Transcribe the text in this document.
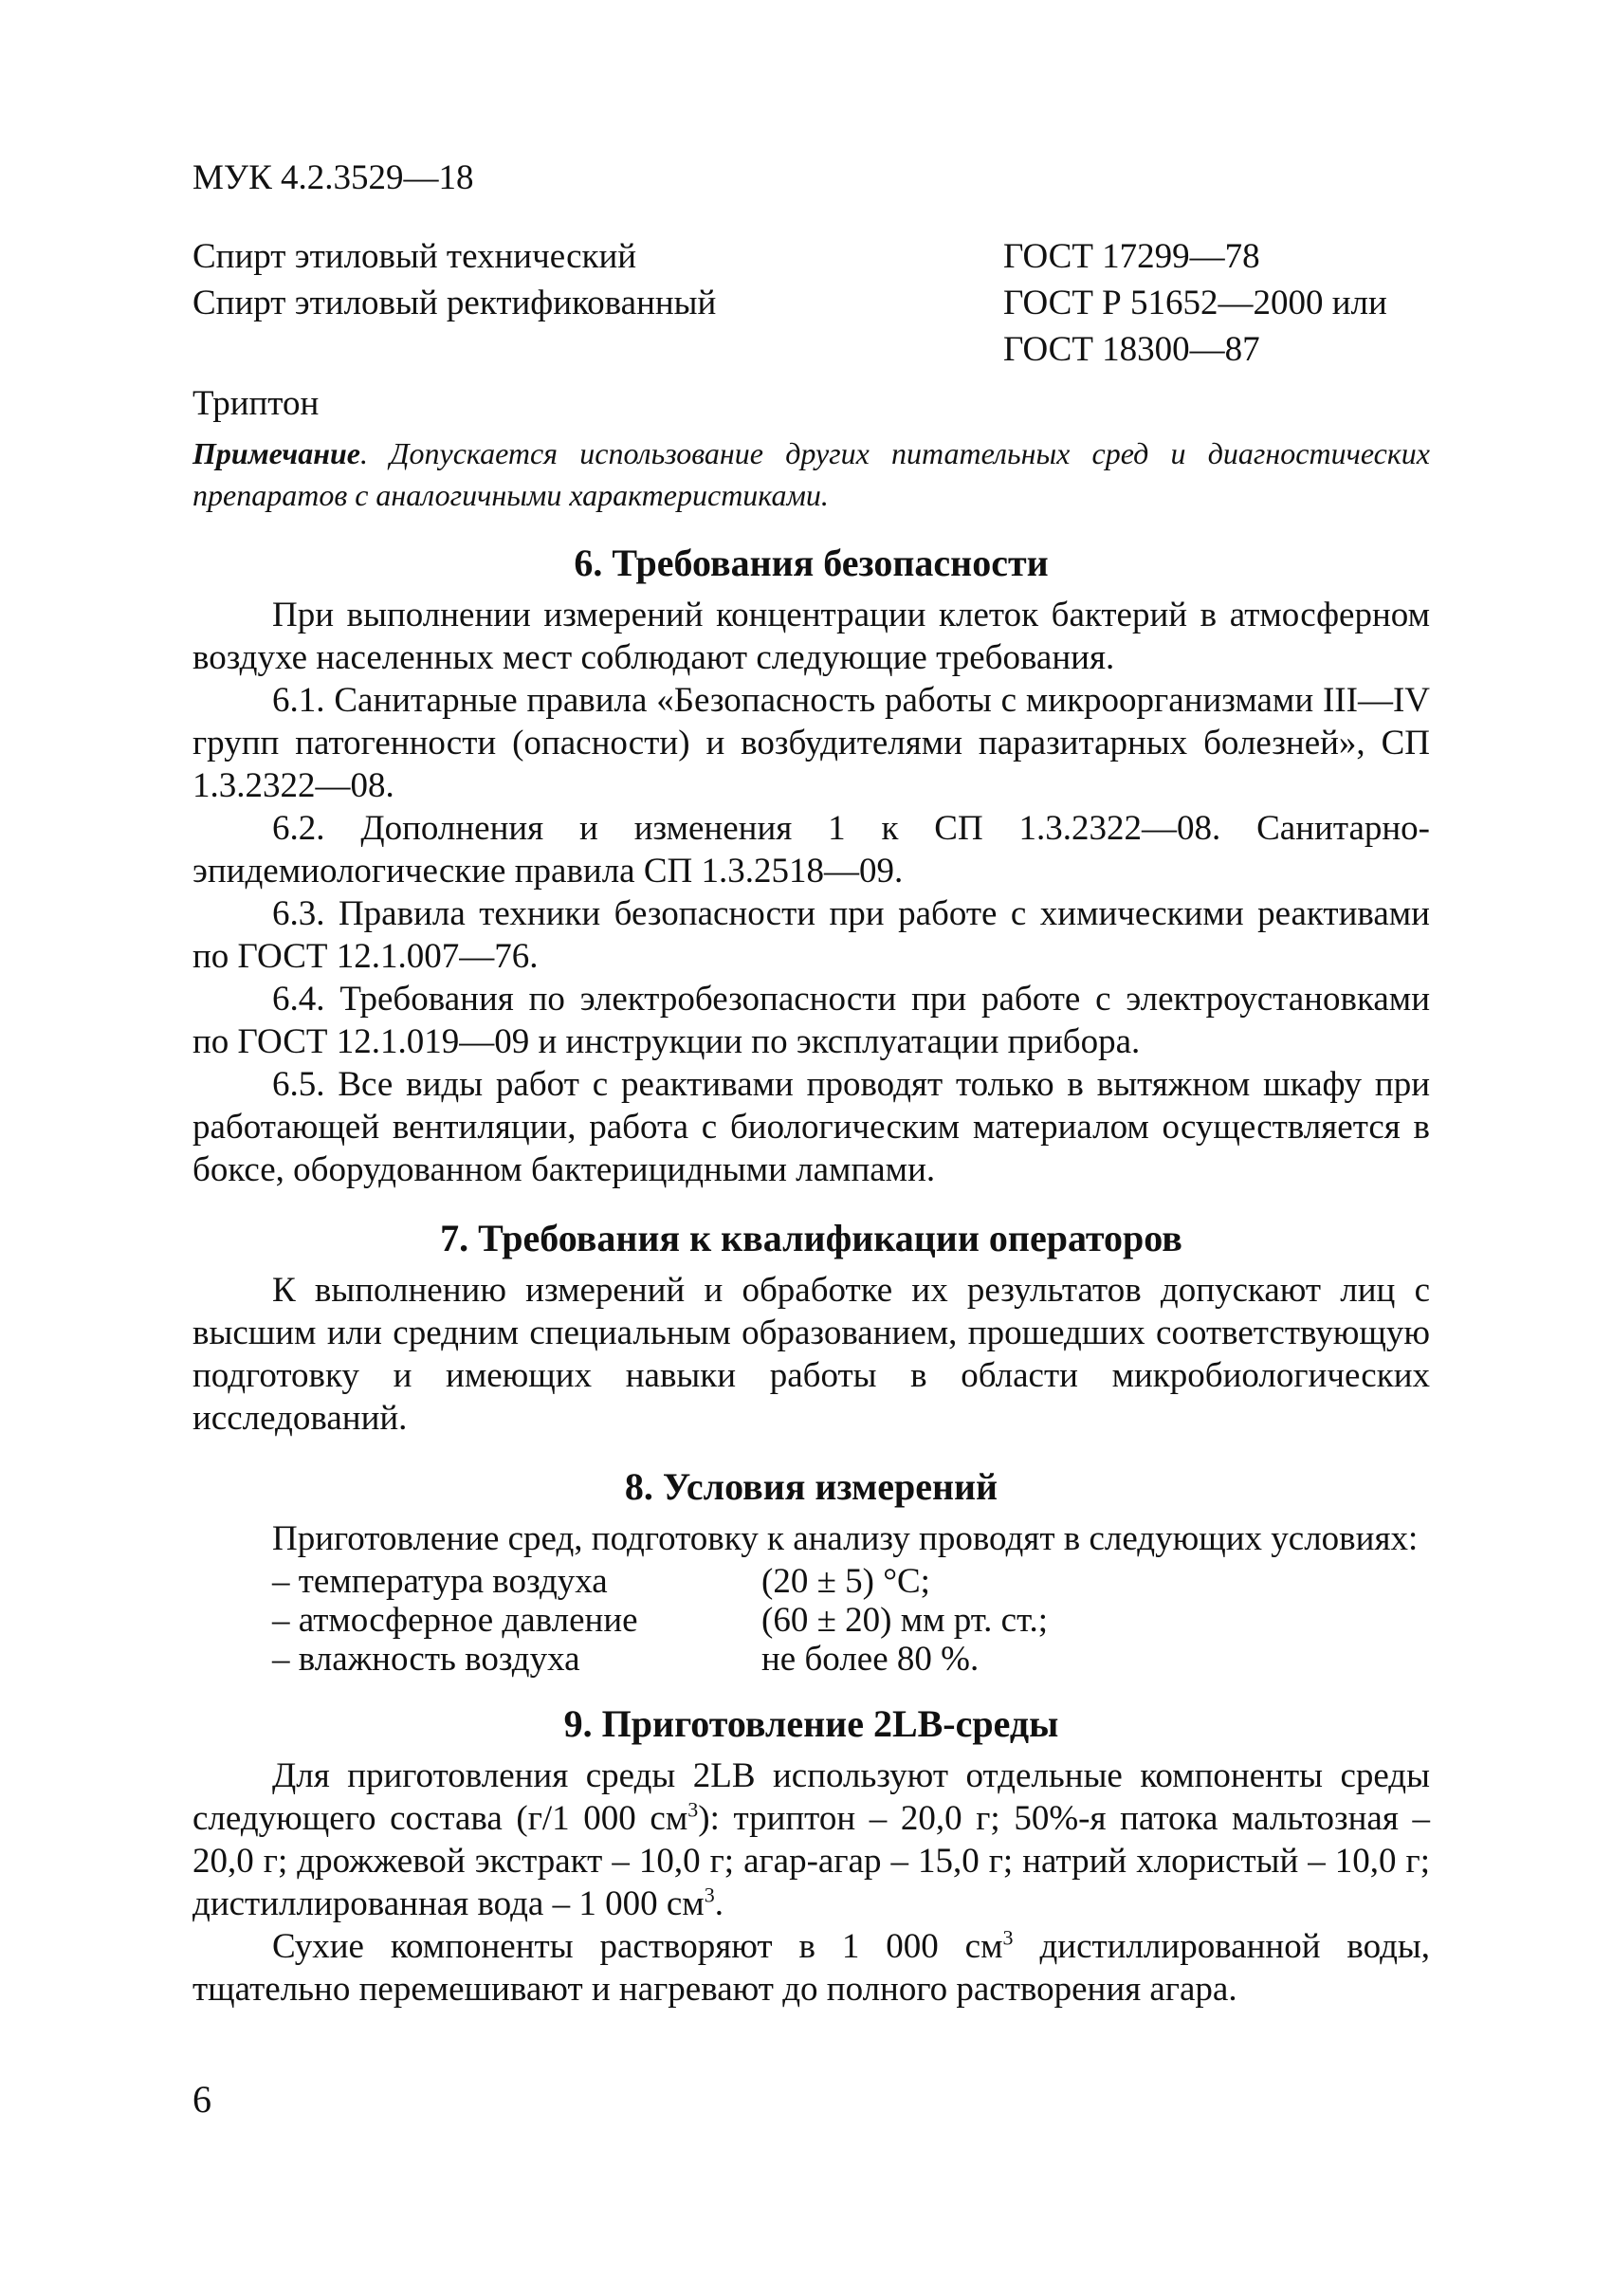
МУК 4.2.3529—18
Спирт этиловый технический	ГОСТ 17299—78
Спирт этиловый ректификованный	ГОСТ Р 51652—2000 или
ГОСТ 18300—87
Триптон
Примечание. Допускается использование других питательных сред и диагностических препаратов с аналогичными характеристиками.
6. Требования безопасности

При выполнении измерений концентрации клеток бактерий в атмосферном воздухе населенных мест соблюдают следующие требования.

6.1. Санитарные правила «Безопасность работы с микроорганизмами III—IV групп патогенности (опасности) и возбудителями паразитарных болезней», СП 1.3.2322—08.

6.2. Дополнения и изменения 1 к СП 1.3.2322—08. Санитарно-эпидемиологические правила СП 1.3.2518—09.

6.3. Правила техники безопасности при работе с химическими реактивами по ГОСТ 12.1.007—76.

6.4. Требования по электробезопасности при работе с электроустановками по ГОСТ 12.1.019—09 и инструкции по эксплуатации прибора.

6.5. Все виды работ с реактивами проводят только в вытяжном шкафу при работающей вентиляции, работа с биологическим материалом осуществляется в боксе, оборудованном бактерицидными лампами.

7. Требования к квалификации операторов

К выполнению измерений и обработке их результатов допускают лиц с высшим или средним специальным образованием, прошедших соответствующую подготовку и имеющих навыки работы в области микробиологических исследований.

8. Условия измерений

Приготовление сред, подготовку к анализу проводят в следующих условиях:

– температура воздуха	(20 ± 5) °С;
– атмосферное давление	(60 ± 20) мм рт. ст.;
– влажность воздуха	не более 80 %.
9. Приготовление 2LB-среды

Для приготовления среды 2LB используют отдельные компоненты среды следующего состава (г/1 000 $см^3$): триптон – 20,0 г; 50%-я патока мальтозная – 20,0 г; дрожжевой экстракт – 10,0 г; агар-агар – 15,0 г; натрий хлористый – 10,0 г; дистиллированная вода – 1 000 $см^3$.

Сухие компоненты растворяют в 1 000 $см^3$ дистиллированной воды, тщательно перемешивают и нагревают до полного растворения агара.

6
